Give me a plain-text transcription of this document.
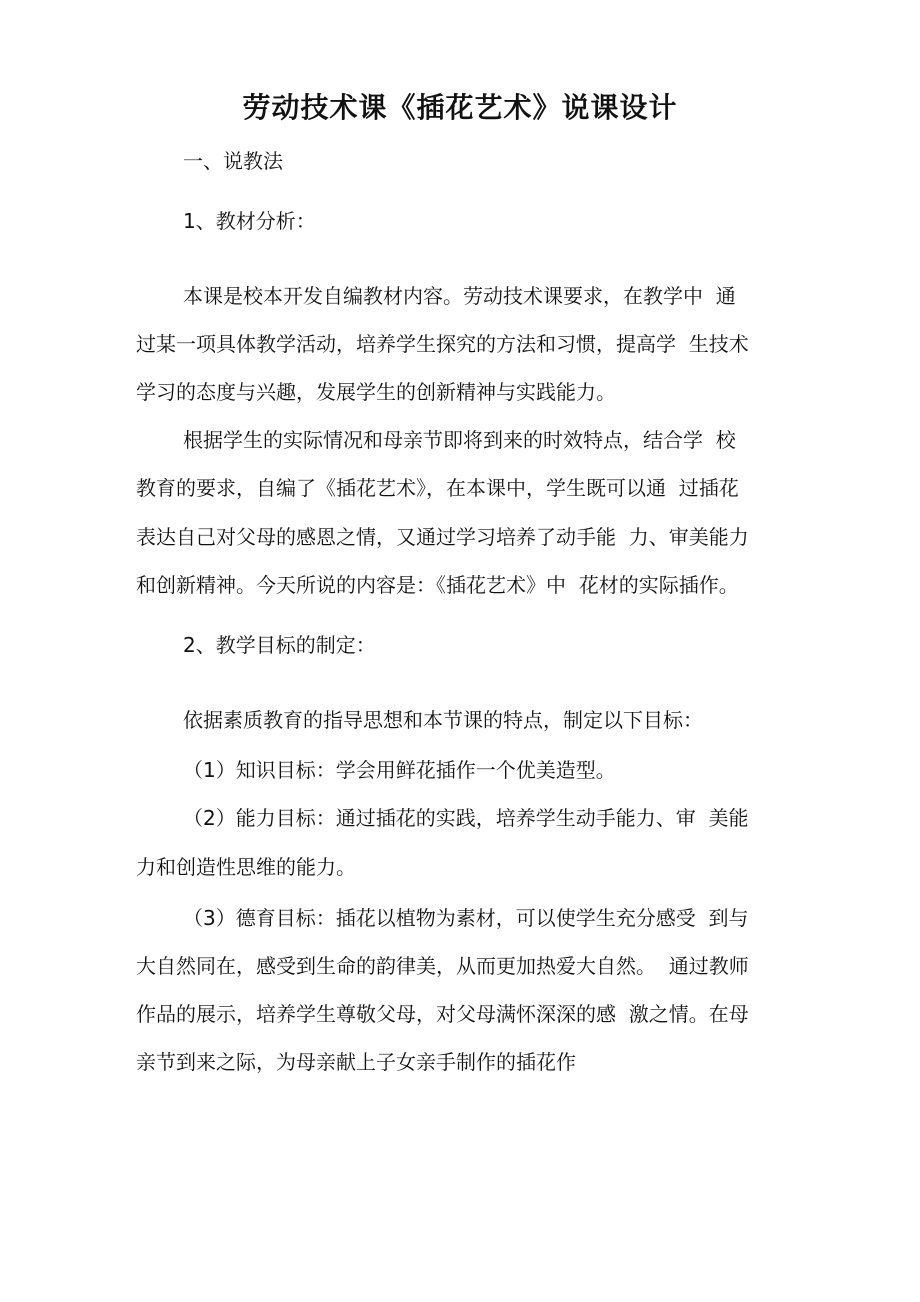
劳动技术课《插花艺术》说课设计
一、说教法
1、教材分析：
本课是校本开发自编教材内容。劳动技术课要求，在教学中  通
过某一项具体教学活动，培养学生探究的方法和习惯，提高学  生技术
学习的态度与兴趣，发展学生的创新精神与实践能力。
根据学生的实际情况和母亲节即将到来的时效特点，结合学  校
教育的要求，自编了《插花艺术》，在本课中，学生既可以通  过插花
表达自己对父母的感恩之情，又通过学习培养了动手能  力、审美能力
和创新精神。今天所说的内容是：《插花艺术》中  花材的实际插作。
2、教学目标的制定：
依据素质教育的指导思想和本节课的特点，制定以下目标：
（1）知识目标：学会用鲜花插作一个优美造型。
（2）能力目标：通过插花的实践，培养学生动手能力、审  美能
力和创造性思维的能力。
（3）德育目标：插花以植物为素材，可以使学生充分感受  到与
大自然同在，感受到生命的韵律美，从而更加热爱大自然。  通过教师
作品的展示，培养学生尊敬父母，对父母满怀深深的感  激之情。在母
亲节到来之际，为母亲献上子女亲手制作的插花作
